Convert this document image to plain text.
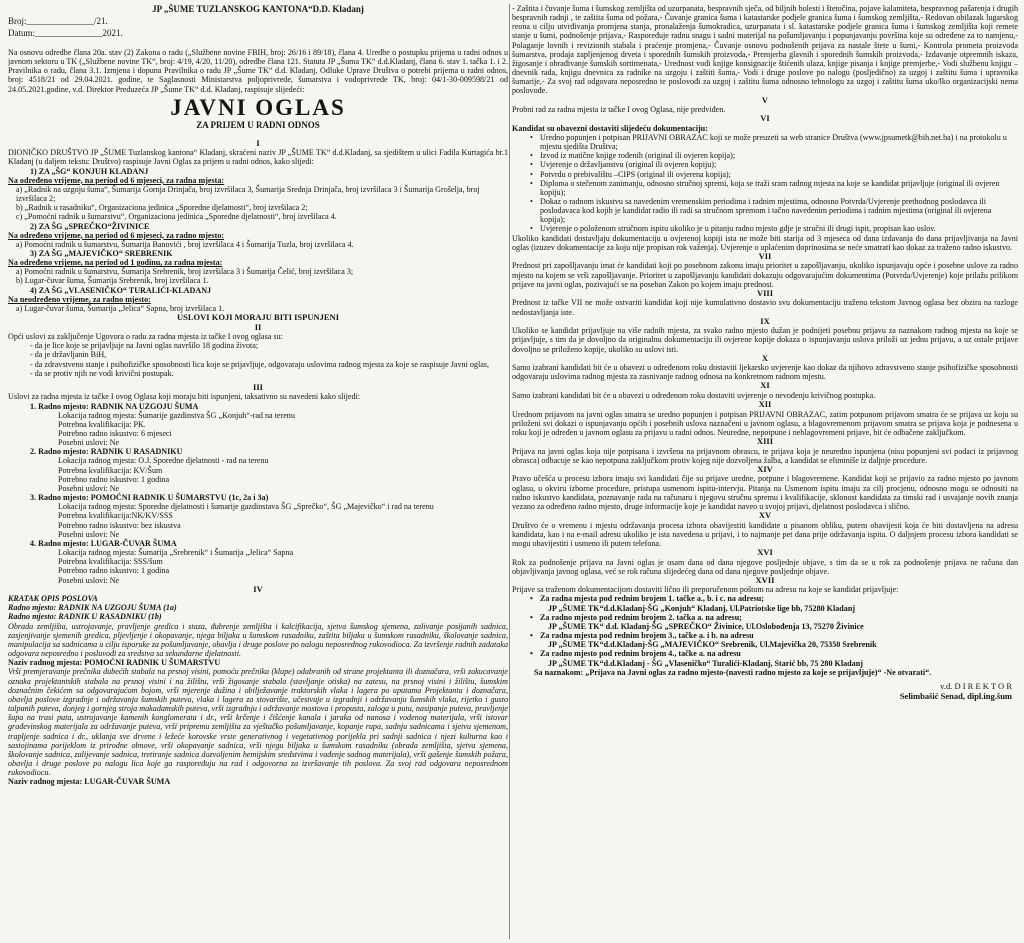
JP „ŠUME TUZLANSKOG KANTONA“D.D. Kladanj
Broj:_______________/21.
Datum:_______________2021.

Na osnovu odredbe člana 20a. stav (2) Zakona o radu („Službene novine FBIH, broj: 26/16 i 89/18), člana 4. Uredbe o postupku prijema u radni odnos u javnom sektoru u TK („Službene novine TK“, broj: 4/19, 4/20, 11/20), odredbe člana 121. Statuta JP „Šuma TK“ d.d.Kladanj, člana 6. stav 1. tačka 1. i 2. Pravilnika o radu, člana 3.1. Izmjena i dopuna Pravilnika o radu JP „Šume TK“ d.d. Kladanj, Odluke Uprave Društva o potrebi prijema u radni odnos, broj: 4518/21 od 29.04.2021. godine, te Saglasnosti Ministarstva poljoprivrede, šumarstva i vodoprivrede TK, broj: 04/1-30-009598/21 od 24.05.2021.godine, v.d. Direktor Preduzeća JP „Šume TK“ d.d. Kladanj, raspisuje slijedeći:

JAVNI OGLAS
ZA PRIJEM U RADNI ODNOS
I

DIONIČKO DRUŠTVO JP „ŠUME Tuzlanskog kantona“ Kladanj, skraćeni naziv JP „ŠUME TK“ d.d.Kladanj, sa sjedištem u ulici Fadila Kurtagića br.1 Kladanj (u daljem tekstu: Društvo) raspisuje Javni Oglas za prijem u radni odnos, kako slijedi:

1) ZA „ŠG“ KONJUH KLADANJ

Na određeno vrijeme, na period od 6 mjeseci, za radna mjesta:

a) „Radnik na uzgoju šuma“, Šumarija Gornja Drinjača, broj izvršilaca 3, Šumarija Srednja Drinjača, broj izvršilaca 3 i Šumarija Grošelja, broj izvršilaca 2;

b) „Radnik u rasadniku“, Organizaciona jedinica „Sporedne djelatnosti“, broj izvršilaca 2;

c) „Pomoćni radnik u šumarstvu“, Organizaciona jedinica „Sporedne djelatnosti“, broj izvršilaca 4.

2) ZA ŠG „SPREČKO“ŽIVINICE

Na određeno vrijeme, na period od 6 mjeseci, za radno mjesto:

a) Pomoćni radnik u šumarstvu, Šumarija Banovići , broj izvršilaca 4 i Šumarija Tuzla, broj izvršilaca 4.

3) ZA ŠG „MAJEVIČKO“ SREBRENIK

Na određeno vrijeme, na period od 1 godinu, za radna mjesta:

a) Pomoćni radnik u šumarstvu, Šumarija Srebrenik, broj izvršilaca 3 i Šumarija Čelić, broj izvršilaca 3;

b) Lugar-čuvar šuma, Šumarija Srebrenik, broj izvršilaca 1.

4) ZA ŠG „VLASENIČKO“ TURALIĆI-KLADANJ

Na neodređeno vrijeme, za radno mjesto:

a) Lugar-čuvar šuma, Šumarija „Jelica“ Sapna, broj izvršilaca 1.

USLOVI KOJI MORAJU BITI ISPUNJENI
II

Opći uslovi za zaključenje Ugovora o radu za radna mjesta iz tačke I ovog oglasa su:

- da je lice koje se prijavljuje na Javni oglas navršilo 18 godina života;

- da je državljanin BiH,

- da zdravstveno stanje i psihofizičke sposobnosti lica koje se prijavljuje, odgovaraju uslovima radnog mjesta za koje se raspisuje Javni oglas,

- da se protiv njih ne vodi krivični postupak.

III

Uslovi za radna mjesta iz tačke I ovog Oglasa koji moraju biti ispunjeni, taksativno su navedeni kako slijedi:

1. Radno mjesto: RADNIK NA UZGOJU ŠUMA

Lokacija radnog mjesta: Šumarije gazdinstva ŠG „Konjuh“-rad na terenu

Potrebna kvalifikacija: PK.

Potrebno radno iskustvo: 6 mjeseci

Posebni uslovi: Ne

2. Radno mjesto: RADNIK U RASADNIKU

Lokacija radnog mjesta: O.J. Sporedne djelatnosti - rad na terenu

Potrebna kvalifikacija: KV/Šum

Potrebno radno iskustvo: 1 godina

Posebni uslovi: Ne

3. Radno mjesto: POMOĆNI RADNIK U ŠUMARSTVU (1c, 2a i 3a)

Lokacija radnog mjesta: Sporedne djelatnosti i šumarije gazdinstava ŠG „Sprečko“, ŠG „Majevičko“ i rad na terenu

Potrebna kvalifikacija:NK/KV/SSS

Potrebno radno iskustvo: bez iskustva

Posebni uslovi: Ne

4. Radno mjesto: LUGAR-ČUVAR ŠUMA

Lokacija radnog mjesta: Šumarija „Srebrenik“ i Šumarija „Jelica“ Sapna

Potrebna kvalifikacija: SSS/šum

Potrebno radno iskustvo: 1 godina

Posebni uslovi: Ne

IV

KRATAK OPIS POSLOVA

Radno mjesto: RADNIK NA UZGOJU ŠUMA (1a)

Radno mjesto: RADNIK U RASADNIKU (1b)

Obrada zemljišta, ustrojavanje, pravljenje gredica i staza, đubrenje zemljišta i kalcifikacija, sjetva šumskog sjemena, zalivanje posijanih sadnica, zasjenjivanje sjemenih gredica, pljevljenje i okopavanje, njega biljaka u šumskom rasadniku, zaštita biljaka u šumskom rasadniku, školovanje sadnica, manipulacija sa sadnicama u cilju isporuke za pošumljavanje, obavlja i druge poslove po nalogu neposrednog rukovodioca. Za izvršenje radnih zadataka odgovara neposredno i posluvođi za sredstva sa sekundarne djelatnosti.

Naziv radnog mjesta: POMOĆNI RADNIK U ŠUMARSTVU

Vrši premjeravanje prečnika dubećih stabala na prsnoj visini, pomoću prečnika (klupe) odabranih od strane projektanta ili doznačara, vrši zakucavanje oznaka projektantskih stabala na prsnoj visini i na žilištu, vrši žigosanje stabala (stavljanje otiska) na zatesu, na prsnoj visini i žilištu, šumskim doznačnim čekićem sa odgovarajućom bojom, vrši mjerenje dužina i obilježavanje traktorskih vlaka i lagera po uputama Projektanta i doznačara, obavlja poslove izgradnje i održavanja šumskih puteva, vlaka i lagera za stovarište, učestvuje u izgradnji i održavanju šumskih vlaka, rijetko i gusto talpanih puteva, donjeg i gornjeg stroja makadamskih puteva, vrši izgradnju i održavanje mostova i propusta, zaloga u putu, nasipanje puteva, pravljenje šupa na trasi puta, ustrojavanje kamenih konglomerata i dr., vrši krčenje i čišćenje kanala i jaraka od nanosa i vodenog materijala, vrši istovar građevinskog materijala za održavanje puteva, vrši pripremu zemljišta za vještačko pošumljavanje, kopanje rupa, sadnju sadnicama i sjetvu sjemenom, trapljenje sadnica i dr., uklanja sve drvene i ležeće korovske vrste generativnog i vegetativnog porijekla pri sadnji sadnica i njezi kulturna kao i sastojinama porijeklom iz prirodne obnove, vrši okopavanje sadnica, vrši njegu biljaka u šumskom rasadniku (obrada zemljišta, sjetva sjemena, školovanje sadnica, zalijevanje sadnica, tretiranje sadnica dozvoljenim hemijskim sredstvima i vađenje sadnog materijala), vrši gašenje šumskih požara, obavlja i druge poslove po nalogu lica koje ga raspoređuju na rad i odgovorna za izvršavanje tih poslova. Za svoj rad odgovara neposrednom rukovodiocu.

Naziv radnog mjesta: LUGAR-ČUVAR ŠUMA

- Zaštita i čuvanje šuma i šumskog zemljišta od uzurpanata, bespravnih sječa, od biljnih bolesti i štetočina, pojave kalamiteta, bespravnog pašarenja i drugih bespravnih radnji , te zaštita šuma od požara,- Čuvanje granica šuma i katastarske podjele granica šuma i šumskog zemljišta,- Redovan obilazak lugarskog reona u cilju utvrđivanja promjena stanja, pronalaženja šumokradica, uzurpanata i sl. katastarske podjele granica šuma i šumskog zemljišta koji remete stanje u šumi, podnošenje prijava,- Raspoređuje radnu snagu i sadni materijal na pošumljavanju i popunjavanju površina koje su određene za to namjenu,- Polaganje lovnih i revizionih stabala i praćenje promjena,- Čuvanje osnovu podnošenih prijava za nastale štete u šumi,- Kontrola prometa proizvoda šumarstva, prodaja zapljenjenog drveta i sporednih šumskih proizvoda,- Premjerba glavnih i sporednih šumskih proizvoda,- Izdavanje otpremnih iskaza, žigosanje i obrađivanje šumskih sortimenata,- Urednost vodi knjige konsignacije štićenih ulaza, knjige pisanja i knjige premjerbe,- Vodi službenu knjigu – dnevnik rada, knjigu dnevnica za radnike na uzgoju i zaštiti šuma,- Vodi i druge poslove po nalogu (posljedično) za uzgoj i zaštitu šuma i upravnika šumarije,- Za svoj rad odgovara neposredno te poslovođi za uzgoj i zaštitu šuma odnosno tehnologu za uzgoj i zaštitu šuma uko/lko organizacijski nema poslovođe.

V

Probni rad za radna mjesta iz tačke I ovog Oglasa, nije predviđen.

VI

Kandidat su obavezni dostaviti slijedeću dokumentaciju:

• Uredno popunjen i potpisan PRIJAVNI OBRAZAC koji se može preuzeti sa web stranice Društva (www.jpsumetk@bih.net.ba) i na protokolu u mjestu sjedišta Društva;
• Izvod iz matične knjige rođenih (original ili ovjeren kopija);
• Uvjerenje o državljanstvu (original ili ovjeren kopiju);
• Potvrdu o prebivalištu –CIPS (original ili ovjerena kopija);
• Diploma o stečenom zanimanju, odnosno stručnoj spremi, koja se traži sram radnog mjesta na koje se kandidat prijavljuje (original ili ovjeren kopiju);
• Dokaz o radnom iskustvu sa navedenim vremenskim periodima i radnim mjestima, odnosno Potvrda/Uvjerenje prethodnog poslodavca ili poslodavaca kod kojih je kandidat radio ili radi sa stručnom spremom i tačno navedenim periodima i radnim mjestima (original ili ovjerena kopija);
• Uvjerenje o položenom stručnom ispitu ukoliko je u pitanju radno mjesto gdje je stručni ili drugi ispit, propisan kao uslov.

Ukoliko kandidati dostavljaju dokumentaciju u ovjerenoj kopiji ista ne može biti starija od 3 mjeseca od dana izdavanja do dana prijavljivanja na Javni oglas (izuzev dokumentacije za koju nije propisan rok važenja). Uvjerenje o uplaćenim doprinosima se neće smatrati kao dokaz za traženo radno iskustvo.

VII

Prednost pri zapošljavanju imat će kandidati koji po posebnom zakonu imaju prioritet u zapošljavanju, ukoliko ispunjavaju opće i posebne uslove za radno mjesto na kojem se vrši zapošljavanje. Prioritet u zapošljavanju kandidati dokazuju odgovarajućim dokumentima (Potvrda/Uvjerenje) koje prilažu prilikom prijave na javni oglas, pozivajući se na poseban Zakon po kojem imaju prednost.

VIII

Prednost iz tačke VII ne može ostvariti kandidat koji nije kumulativno dostavio svu dokumentaciju traženu tekstom Javnog oglasa bez obzira na razloge nedostavljanja iste.

IX

Ukoliko se kandidat prijavljuje na više radnih mjesta, za svako radno mjesto dužan je podnijeti posebnu prijavu za naznakom radnog mjesta na koje se prijavljuje, s tim da je dovoljno da originalnu dokumentaciju ili ovjerene kopije dokaza o ispunjavanju uslova priloži uz jednu prijavu, a uz ostale prijave dovoljno se priloženo kopije, ukoliko su uslovi isti.

X

Samo izabrani kandidati bit će u obavezi u određenom roku dostaviti ljekarsko uvjerenje kao dokaz da njihovo zdravstveno stanje psihofizičke sposobnosti odgovaraju uslovima radnog mjesta za zasnivanje radnog odnosa na konkretnom radnom mjestu.

XI

Samo izabrani kandidati bit će u obavezi u određenom roku dostaviti uvjerenje o nevođenju krivičnog postupka.

XII

Urednom prijavom na javni oglas smatra se uredno popunjen i potpisan PRIJAVNI OBRAZAC, zatim potpunom prijavom smatra će se prijava uz koju su priloženi svi dokazi o ispunjavanju općih i posebnih uslova naznačeni u javnom oglasu, a blagovremenom prijavom smatra se prijava koja je podnesena u roku koji je određen u javnom oglasu za prijavu u radni odnos. Neuredne, nepotpune i neblagovremeni prijave, bit će odbačene zaključkom.

XIII

Prijava na javni oglas koja nije potpisana i izvršena na prijavnom obrascu, te prijava koja je neuredno ispunjena (nisu popunjeni svi podaci iz prijavnog obrasca) odbacuje se kao nepotpuna zaključkom protiv kojeg nije dozvoljena žalba, a kandidat se eliminiše iz daljnje procedure.

XIV

Pravo učešća u procesu izbora imaju svi kandidati čije su prijave uredne, potpune i blagovremene. Kandidat koji se prijavio za radno mjesto po javnom oglasu, u okviru izborne procedure, pristupa usmenom ispitu-intervju. Pitanja na Usmenom ispitu imaju za cilj procjenu, odnosno mogu se odnositi na radno iskustvo kandidata, poznavanje rada na računaru i njegovu stručnu spremu i kvalifikacije, sklonost kandidata za timski rad i usvajanje novih znanja vezano za određeno radno mjesto, druge informacije koje je kandidat naveo u svojoj prijavi, djelatnost poslodavca i slično.

XV

Društvo će o vremenu i mjestu održavanja procesa izbora obavijestiti kandidate u pisanom obliku, putem obavijesti koja će biti dostavljena na adresu kandidata, kao i na e-mail adresu ukoliko je ista navedena u prijavi, i to najmanje pet dana prije održavanja ispita. O daljnjem procesu izbora kandidati se mogu obavijestiti i usmeno ili putem telefona.

XVI

Rok za podnošenje prijava na Javni oglas je osam dana od dana njegove posljednje objave, s tim da se u rok za podnošenje prijava ne računa dan objavljivanja javnog oglasa, već se rok računa slijedećeg dana od dana njegove posljednje objave.

XVII

Prijave sa traženom dokumentacijom dostaviti lično ili preporučenom poštom na adresu na koje se kandidat prijavljuje:

• Za radna mjesta pod rednim brojem 1. tačke a., b. i c. na adresu;

JP „ŠUME TK“d.d.Kladanj-ŠG „Konjuh“ Kladanj, Ul.Patriotske lige bb, 75280 Kladanj

• Za radno mjesto pod rednim brojem 2. tačka a. na adresu;

JP „ŠUME TK“ d.d. Kladanj-ŠG „SPREČKO“ Živinice, Ul.Oslobođenja 13, 75270 Živinice

• Za radna mjesta pod rednim brojem 3., tačke a. i b. na adresu

JP „ŠUME TK“d.d.Kladanj-ŠG „MAJEVIČKO“ Srebrenik, Ul.Majevička 20, 75350 Srebrenik

• Za radno mjesto pod rednim brojem 4., tačke a. na adresu

JP „ŠUME TK“d.d.Kladanj - ŠG „Vlaseničko“ Turalići-Kladanj, Starić bb, 75 280 Kladanj

Sa naznakom: „Prijava na Javni oglas za radno mjesto-(navesti radno mjesto za koje se prijavljuje)“ -Ne otvarati“.

v.d. D I R E K T O R
Selimbašić Senad, dipl.ing.šum
